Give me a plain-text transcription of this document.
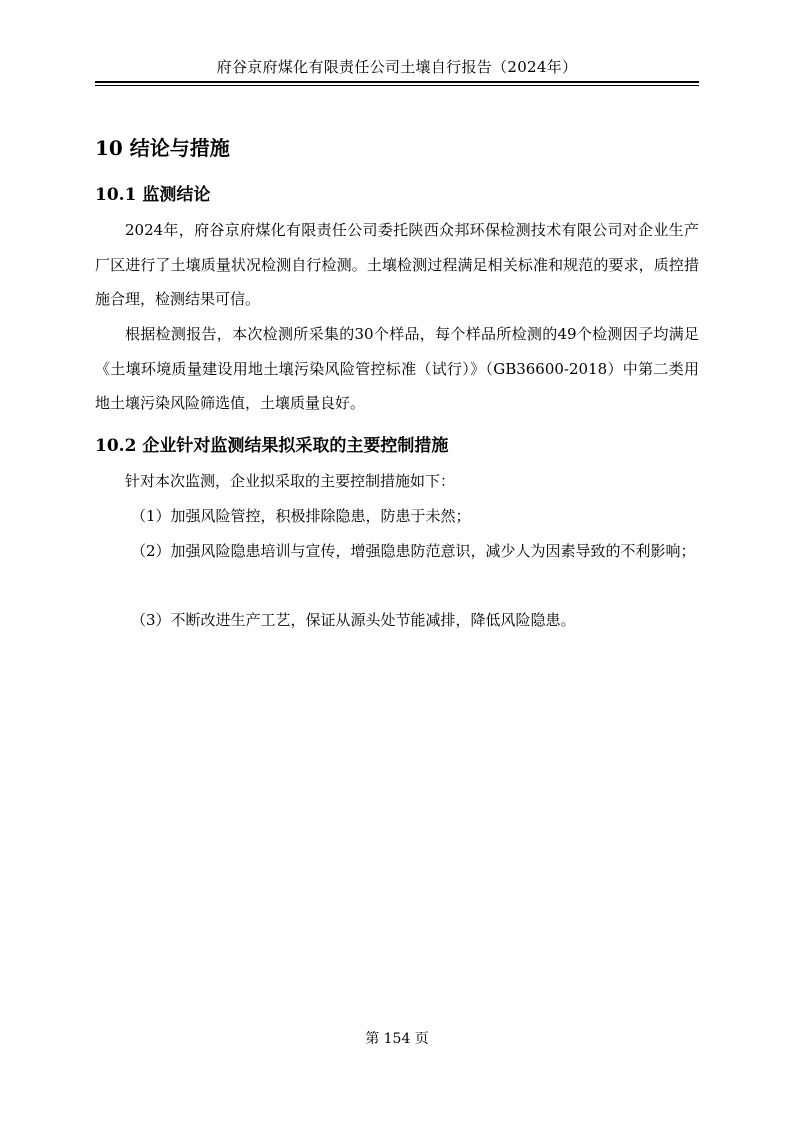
府谷京府煤化有限责任公司土壤自行报告（2024年）
10 结论与措施
10.1 监测结论

2024年，府谷京府煤化有限责任公司委托陕西众邦环保检测技术有限公司对企业生产厂区进行了土壤质量状况检测自行检测。土壤检测过程满足相关标准和规范的要求，质控措施合理，检测结果可信。

根据检测报告，本次检测所采集的30个样品，每个样品所检测的49个检测因子均满足《土壤环境质量建设用地土壤污染风险管控标准（试行）》（GB36600-2018）中第二类用地土壤污染风险筛选值，土壤质量良好。

10.2 企业针对监测结果拟采取的主要控制措施

针对本次监测，企业拟采取的主要控制措施如下：

（1）加强风险管控，积极排除隐患，防患于未然；

（2）加强风险隐患培训与宣传，增强隐患防范意识，减少人为因素导致的不利影响；

（3）不断改进生产工艺，保证从源头处节能减排，降低风险隐患。

第 154 页
